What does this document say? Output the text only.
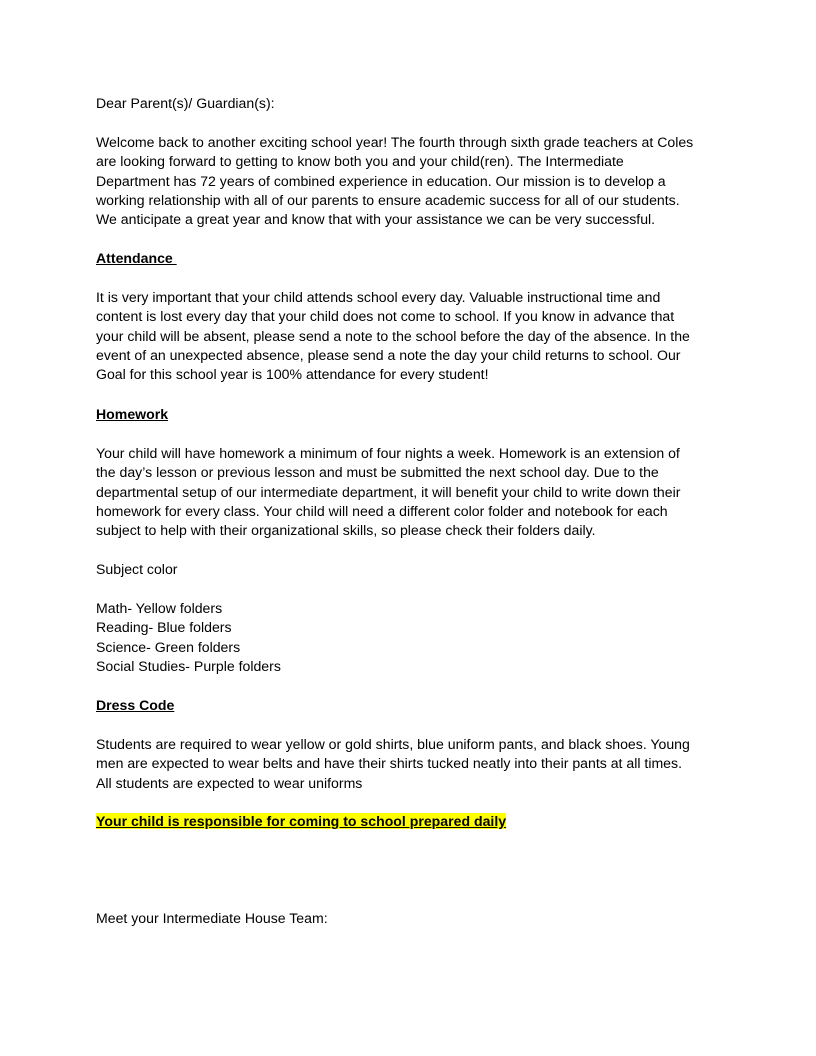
Dear Parent(s)/ Guardian(s):
Welcome back to another exciting school year! The fourth through sixth grade teachers at Coles
are looking forward to getting to know both you and your child(ren). The Intermediate
Department has 72 years of combined experience in education. Our mission is to develop a
working relationship with all of our parents to ensure academic success for all of our students.
We anticipate a great year and know that with your assistance we can be very successful.
Attendance
It is very important that your child attends school every day. Valuable instructional time and
content is lost every day that your child does not come to school. If you know in advance that
your child will be absent, please send a note to the school before the day of the absence. In the
event of an unexpected absence, please send a note the day your child returns to school. Our
Goal for this school year is 100% attendance for every student!
Homework
Your child will have homework a minimum of four nights a week. Homework is an extension of
the day’s lesson or previous lesson and must be submitted the next school day. Due to the
departmental setup of our intermediate department, it will benefit your child to write down their
homework for every class. Your child will need a different color folder and notebook for each
subject to help with their organizational skills, so please check their folders daily.
Subject color
Math- Yellow folders
Reading- Blue folders
Science- Green folders
Social Studies- Purple folders
Dress Code
Students are required to wear yellow or gold shirts, blue uniform pants, and black shoes. Young
men are expected to wear belts and have their shirts tucked neatly into their pants at all times.
All students are expected to wear uniforms
Your child is responsible for coming to school prepared daily
Meet your Intermediate House Team:
